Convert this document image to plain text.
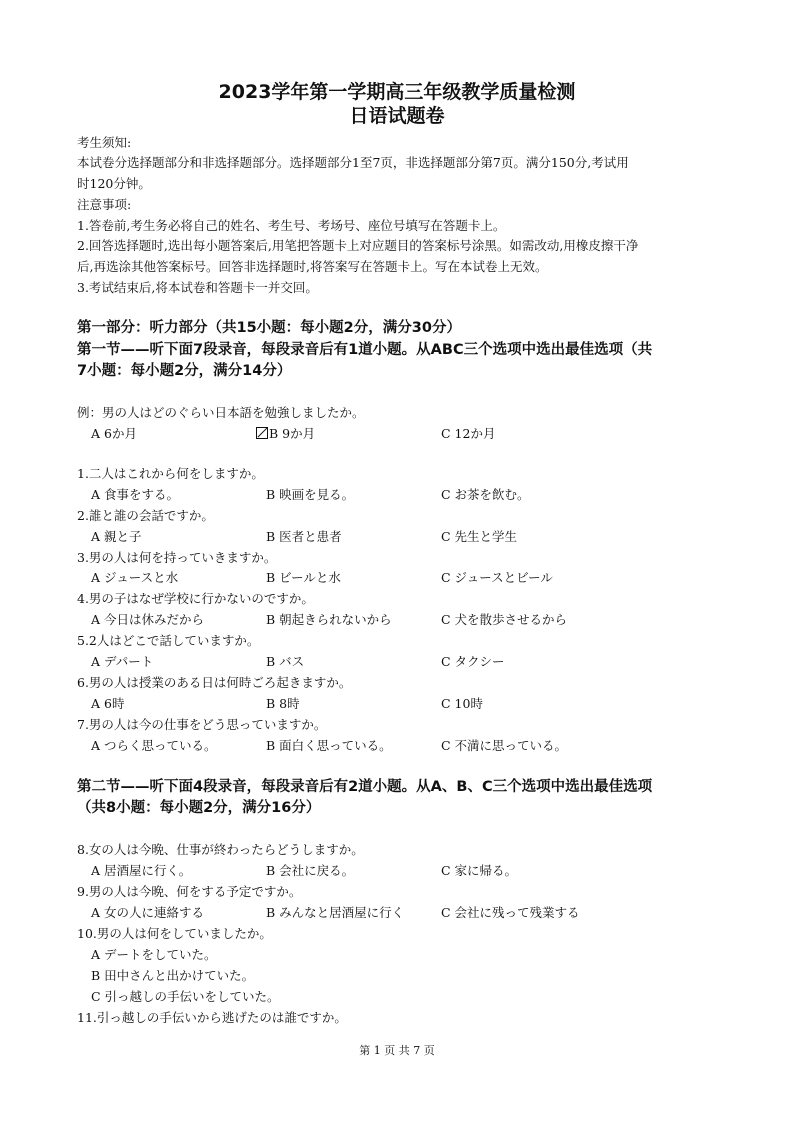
2023学年第一学期高三年级教学质量检测
日语试题卷
考生须知:
本试卷分选择题部分和非选择题部分。选择题部分1至7页，非选择题部分第7页。满分150分,考试用
时120分钟。
注意事项:
1.答卷前,考生务必将自己的姓名、考生号、考场号、座位号填写在答题卡上。
2.回答选择题时,选出每小题答案后,用笔把答题卡上对应题目的答案标号涂黑。如需改动,用橡皮擦干净
后,再选涂其他答案标号。回答非选择题时,将答案写在答题卡上。写在本试卷上无效。
3.考试结束后,将本试卷和答题卡一并交回。
第一部分：听力部分（共15小题：每小题2分，满分30分）
第一节——听下面7段录音，每段录音后有1道小题。从ABC三个选项中选出最佳选项（共
7小题：每小题2分，满分14分）
例：男の人はどのぐらい日本語を勉強しましたか。
A 6か月	B 9か月	C 12か月
1.二人はこれから何をしますか。
A 食事をする。	B 映画を見る。	C お茶を飲む。
2.誰と誰の会話ですか。
A 親と子	B 医者と患者	C 先生と学生
3.男の人は何を持っていきますか。
A ジュースと水	B ビールと水	C ジュースとビール
4.男の子はなぜ学校に行かないのですか。
A 今日は休みだから	B 朝起きられないから	C 犬を散歩させるから
5.2人はどこで話していますか。
A デパート	B バス	C タクシー
6.男の人は授業のある日は何時ごろ起きますか。
A 6時	B 8時	C 10時
7.男の人は今の仕事をどう思っていますか。
A つらく思っている。	B 面白く思っている。	C 不満に思っている。
第二节——听下面4段录音，每段录音后有2道小题。从A、B、C三个选项中选出最佳选项
（共8小题：每小题2分，满分16分）
8.女の人は今晩、仕事が終わったらどうしますか。
A 居酒屋に行く。	B 会社に戻る。	C 家に帰る。
9.男の人は今晩、何をする予定ですか。
A 女の人に連絡する	B みんなと居酒屋に行く	C 会社に残って残業する
10.男の人は何をしていましたか。
A デートをしていた。
B 田中さんと出かけていた。
C 引っ越しの手伝いをしていた。
11.引っ越しの手伝いから逃げたのは誰ですか。
第 1 页 共 7 页
